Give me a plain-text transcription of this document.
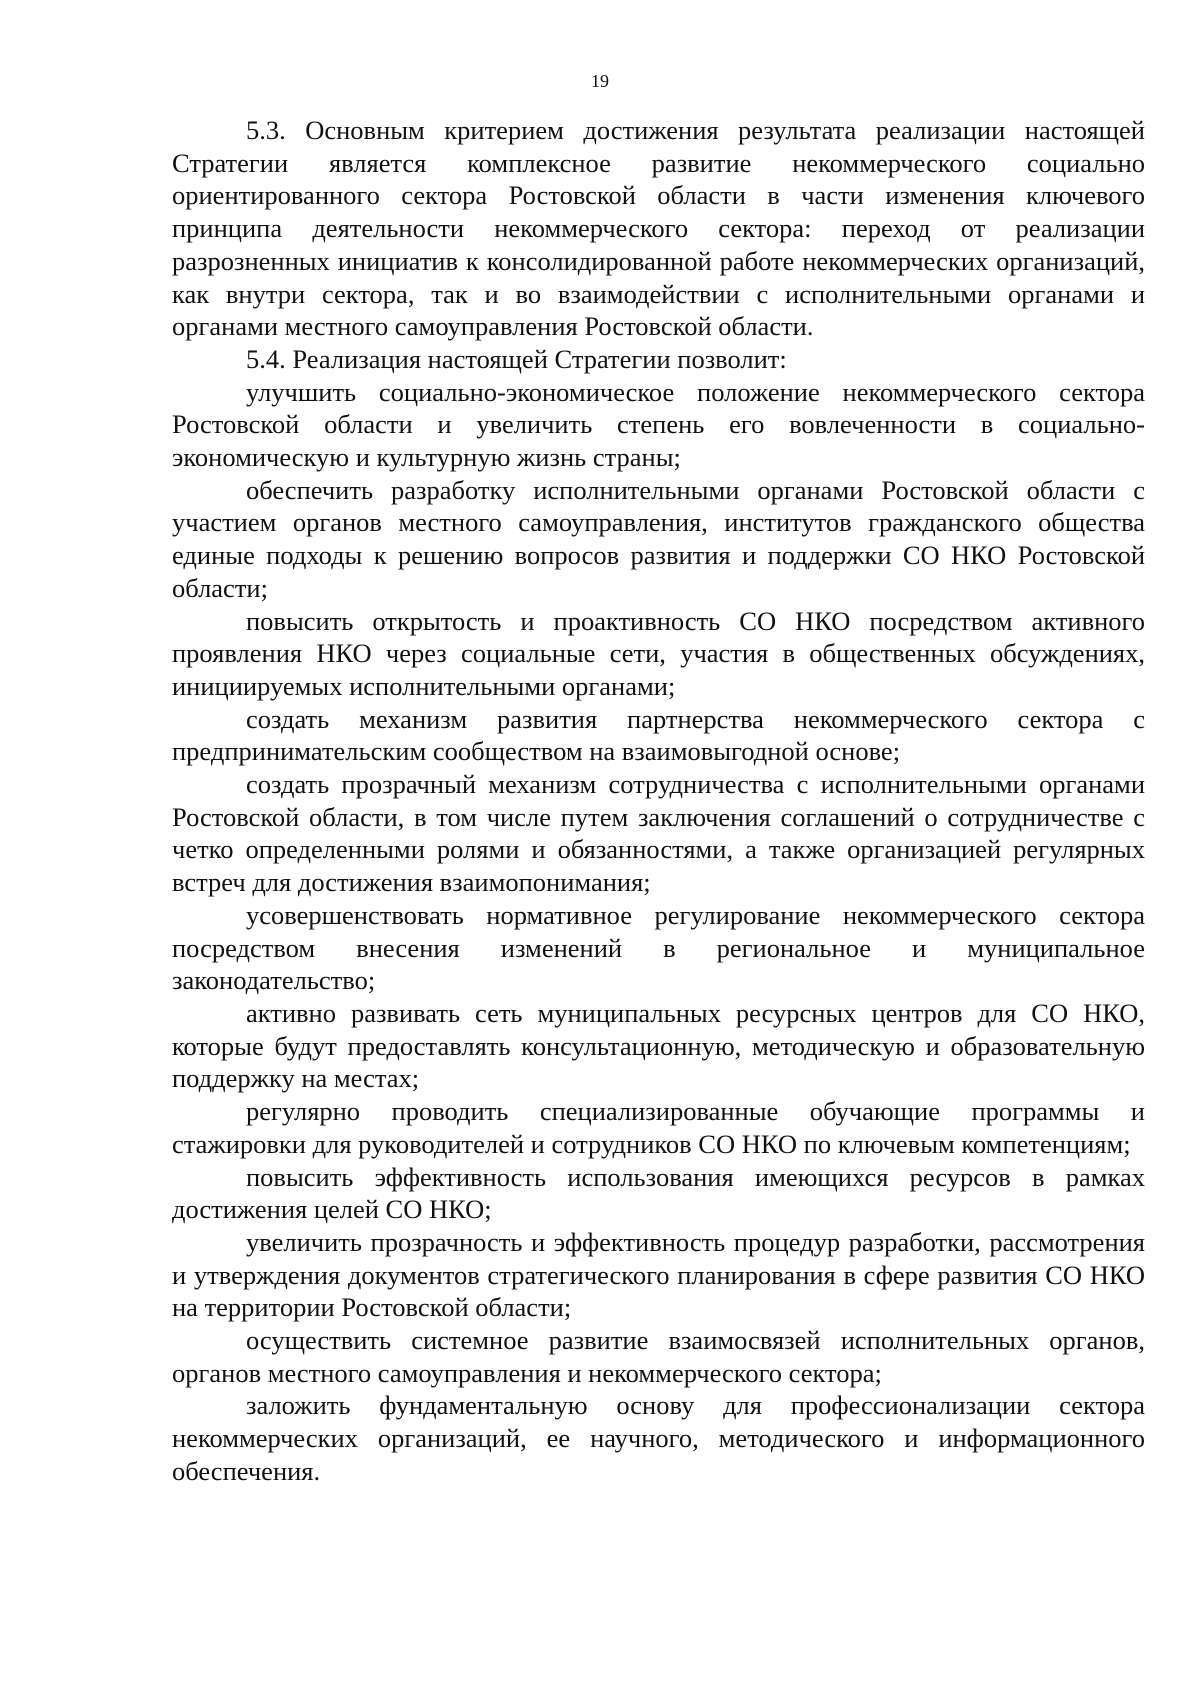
19

5.3. Основным критерием достижения результата реализации настоящей Стратегии является комплексное развитие некоммерческого социально ориентированного сектора Ростовской области в части изменения ключевого принципа деятельности некоммерческого сектора: переход от реализации разрозненных инициатив к консолидированной работе некоммерческих организаций, как внутри сектора, так и во взаимодействии с исполнительными органами и органами местного самоуправления Ростовской области.

5.4. Реализация настоящей Стратегии позволит:

улучшить социально-экономическое положение некоммерческого сектора Ростовской области и увеличить степень его вовлеченности в социально-экономическую и культурную жизнь страны;

обеспечить разработку исполнительными органами Ростовской области с участием органов местного самоуправления, институтов гражданского общества единые подходы к решению вопросов развития и поддержки СО НКО Ростовской области;

повысить открытость и проактивность СО НКО посредством активного проявления НКО через социальные сети, участия в общественных обсуждениях, инициируемых исполнительными органами;

создать механизм развития партнерства некоммерческого сектора с предпринимательским сообществом на взаимовыгодной основе;

создать прозрачный механизм сотрудничества с исполнительными органами Ростовской области, в том числе путем заключения соглашений о сотрудничестве с четко определенными ролями и обязанностями, а также организацией регулярных встреч для достижения взаимопонимания;

усовершенствовать нормативное регулирование некоммерческого сектора посредством внесения изменений в региональное и муниципальное законодательство;

активно развивать сеть муниципальных ресурсных центров для СО НКО, которые будут предоставлять консультационную, методическую и образовательную поддержку на местах;

регулярно проводить специализированные обучающие программы и стажировки для руководителей и сотрудников СО НКО по ключевым компетенциям;

повысить эффективность использования имеющихся ресурсов в рамках достижения целей СО НКО;

увеличить прозрачность и эффективность процедур разработки, рассмотрения и утверждения документов стратегического планирования в сфере развития СО НКО на территории Ростовской области;

осуществить системное развитие взаимосвязей исполнительных органов, органов местного самоуправления и некоммерческого сектора;

заложить фундаментальную основу для профессионализации сектора некоммерческих организаций, ее научного, методического и информационного обеспечения.
